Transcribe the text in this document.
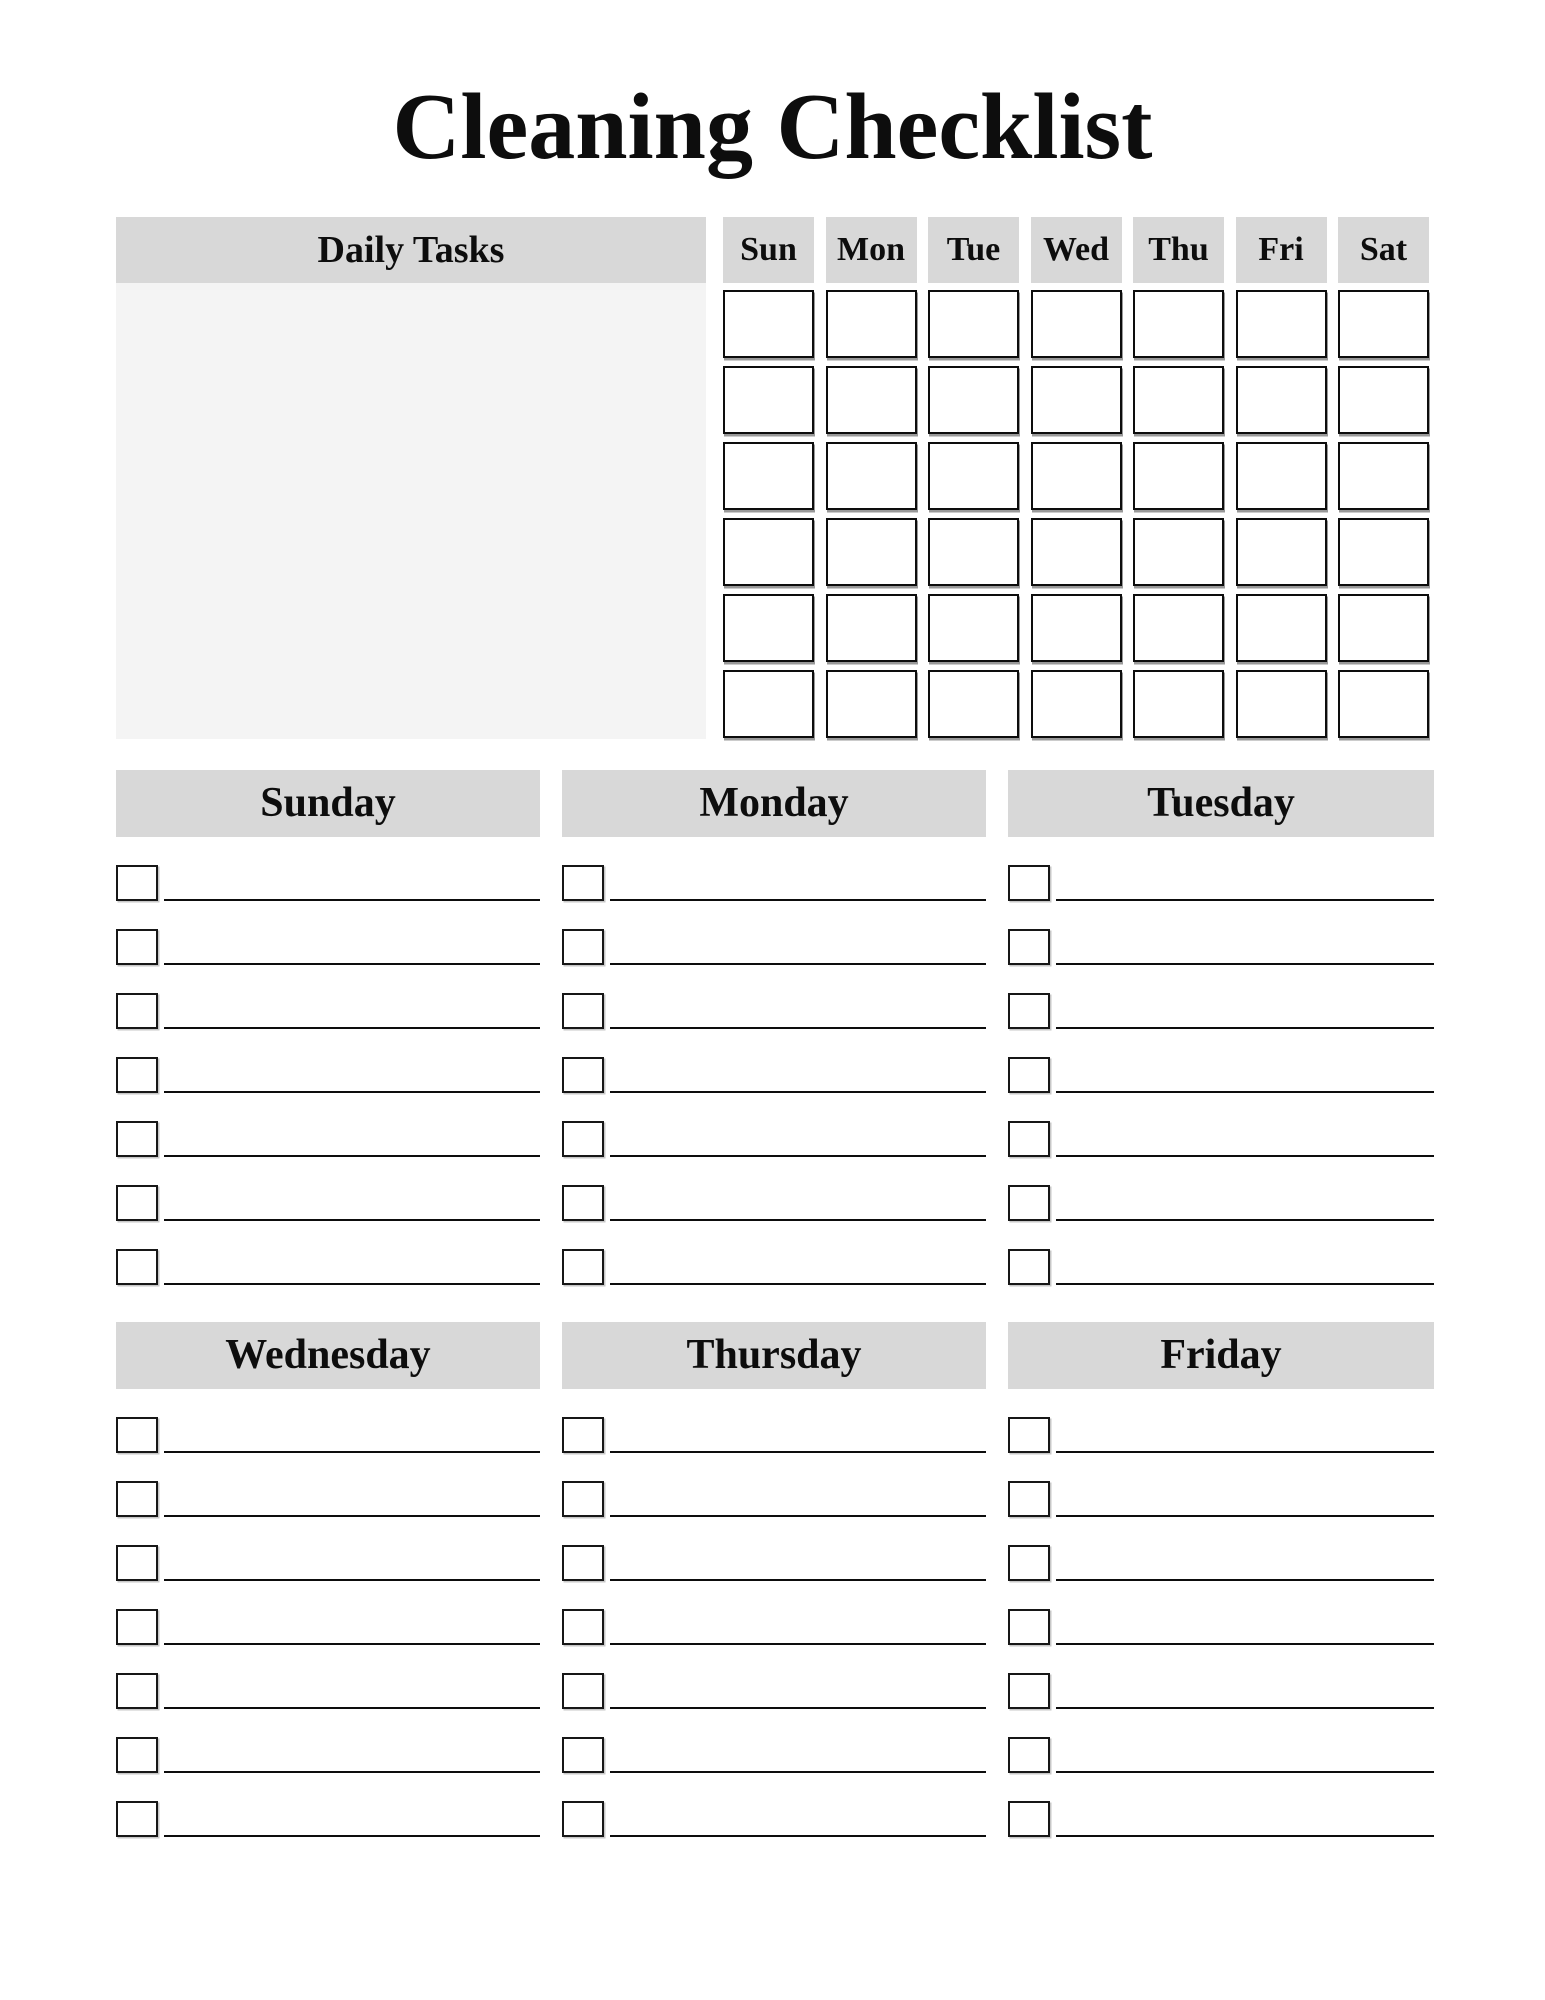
Cleaning Checklist
Daily Tasks	Sun	Mon	Tue	Wed	Thu	Fri	Sat
Sunday	Monday	Tuesday
Wednesday	Thursday	Friday
